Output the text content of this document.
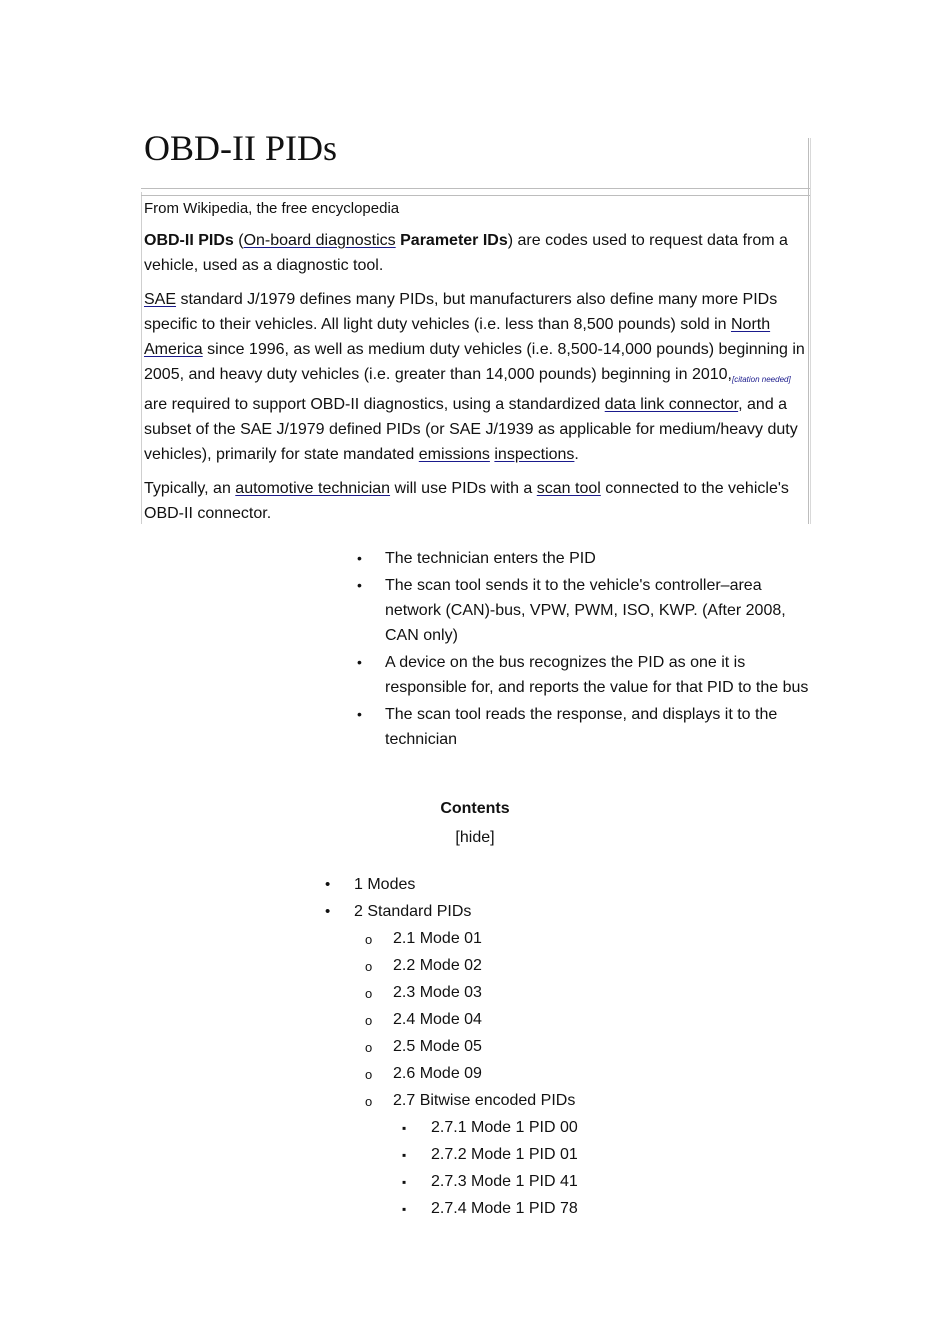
OBD-II PIDs

From Wikipedia, the free encyclopedia

OBD-II PIDs (On-board diagnostics Parameter IDs) are codes used to request data from a vehicle, used as a diagnostic tool.

SAE standard J/1979 defines many PIDs, but manufacturers also define many more PIDs specific to their vehicles. All light duty vehicles (i.e. less than 8,500 pounds) sold in North America since 1996, as well as medium duty vehicles (i.e. 8,500-14,000 pounds) beginning in 2005, and heavy duty vehicles (i.e. greater than 14,000 pounds) beginning in 2010,[citation needed] are required to support OBD-II diagnostics, using a standardized data link connector, and a subset of the SAE J/1979 defined PIDs (or SAE J/1939 as applicable for medium/heavy duty vehicles), primarily for state mandated emissions inspections.

Typically, an automotive technician will use PIDs with a scan tool connected to the vehicle's OBD-II connector.

• The technician enters the PID
• The scan tool sends it to the vehicle's controller–area network (CAN)-bus, VPW, PWM, ISO, KWP. (After 2008, CAN only)
• A device on the bus recognizes the PID as one it is responsible for, and reports the value for that PID to the bus
• The scan tool reads the response, and displays it to the technician
Contents
[hide]
• 1 Modes
• 2 Standard PIDs
o 2.1 Mode 01
o 2.2 Mode 02
o 2.3 Mode 03
o 2.4 Mode 04
o 2.5 Mode 05
o 2.6 Mode 09
o 2.7 Bitwise encoded PIDs
▪ 2.7.1 Mode 1 PID 00
▪ 2.7.2 Mode 1 PID 01
▪ 2.7.3 Mode 1 PID 41
▪ 2.7.4 Mode 1 PID 78
